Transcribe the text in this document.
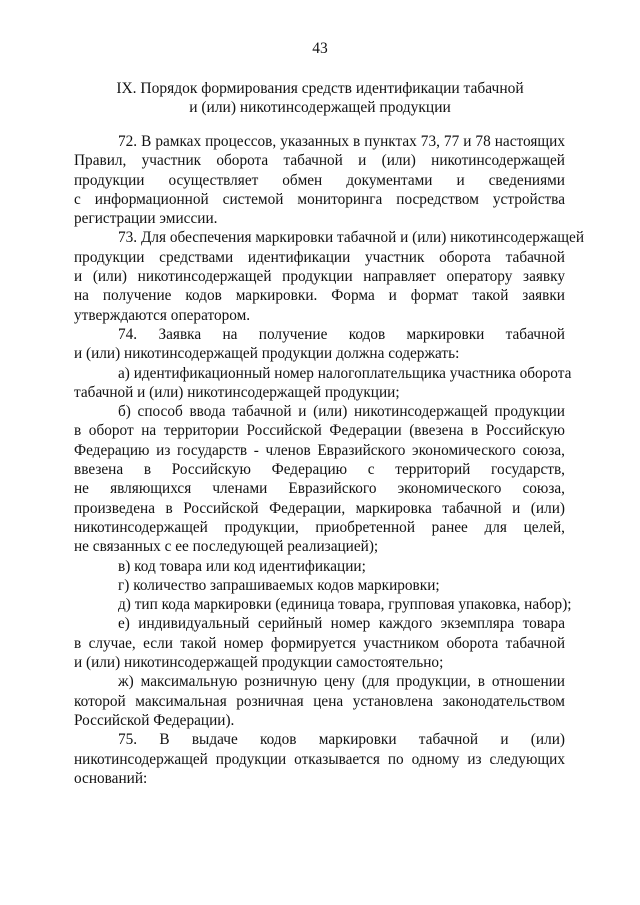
43
IX. Порядок формирования средств идентификации табачной
и (или) никотинсодержащей продукции
72. В рамках процессов, указанных в пунктах 73, 77 и 78 настоящих
Правил, участник оборота табачной и (или) никотинсодержащей
продукции осуществляет обмен документами и сведениями
с информационной системой мониторинга посредством устройства
регистрации эмиссии.
73. Для обеспечения маркировки табачной и (или) никотинсодержащей
продукции средствами идентификации участник оборота табачной
и (или) никотинсодержащей продукции направляет оператору заявку
на получение кодов маркировки. Форма и формат такой заявки
утверждаются оператором.
74. Заявка на получение кодов маркировки табачной
и (или) никотинсодержащей продукции должна содержать:
а) идентификационный номер налогоплательщика участника оборота
табачной и (или) никотинсодержащей продукции;
б) способ ввода табачной и (или) никотинсодержащей продукции
в оборот на территории Российской Федерации (ввезена в Российскую
Федерацию из государств - членов Евразийского экономического союза,
ввезена в Российскую Федерацию с территорий государств,
не являющихся членами Евразийского экономического союза,
произведена в Российской Федерации, маркировка табачной и (или)
никотинсодержащей продукции, приобретенной ранее для целей,
не связанных с ее последующей реализацией);
в) код товара или код идентификации;
г) количество запрашиваемых кодов маркировки;
д) тип кода маркировки (единица товара, групповая упаковка, набор);
е) индивидуальный серийный номер каждого экземпляра товара
в случае, если такой номер формируется участником оборота табачной
и (или) никотинсодержащей продукции самостоятельно;
ж) максимальную розничную цену (для продукции, в отношении
которой максимальная розничная цена установлена законодательством
Российской Федерации).
75. В выдаче кодов маркировки табачной и (или)
никотинсодержащей продукции отказывается по одному из следующих
оснований:
